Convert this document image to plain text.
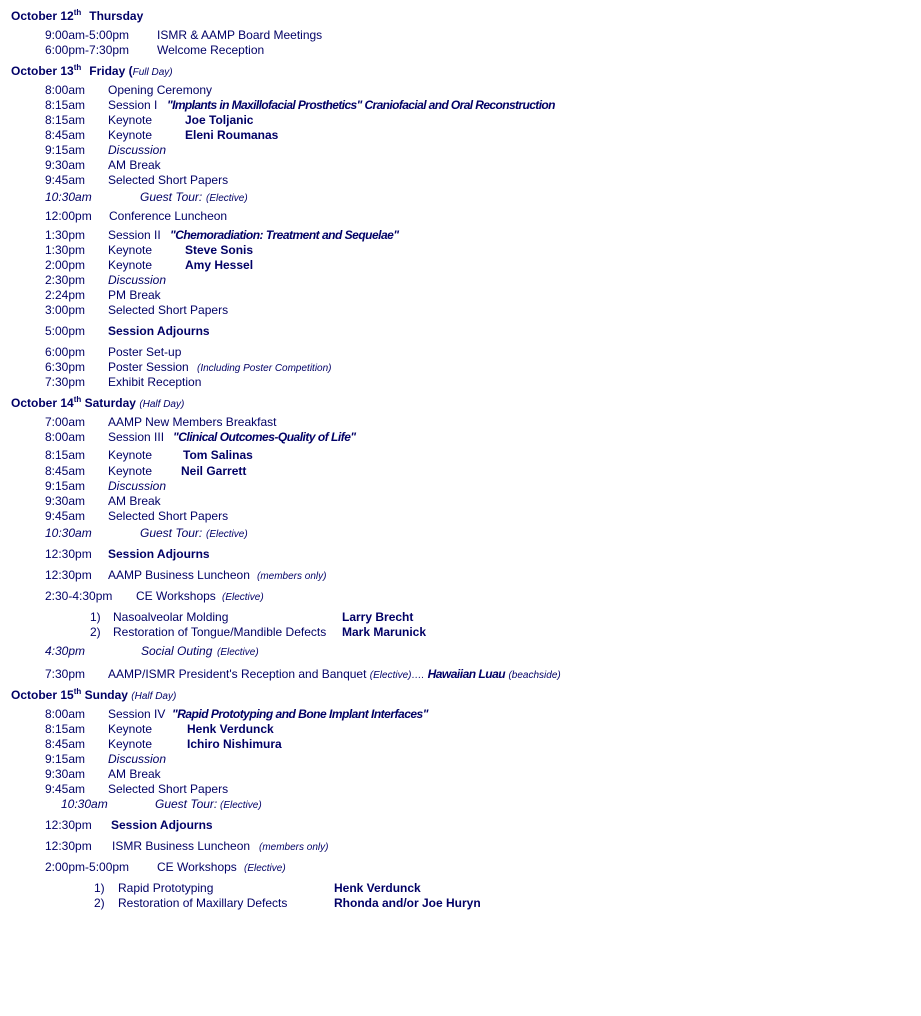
October 12th Thursday
9:00am-5:00pm ISMR & AAMP Board Meetings
6:00pm-7:30pm Welcome Reception
October 13th Friday (Full Day)
8:00am Opening Ceremony
8:15am Session I "Implants in Maxillofacial Prosthetics" Craniofacial and Oral Reconstruction
8:15am Keynote	Joe Toljanic
8:45am Keynote	Eleni Roumanas
9:15am Discussion
9:30am AM Break
9:45am Selected Short Papers
10:30am	Guest Tour: (Elective)
12:00pm Conference Luncheon
1:30pm Session II "Chemoradiation: Treatment and Sequelae"
1:30pm Keynote	Steve Sonis
2:00pm Keynote	Amy Hessel
2:30pm Discussion
2:24pm PM Break
3:00pm Selected Short Papers
5:00pm Session Adjourns
6:00pm Poster Set-up
6:30pm Poster Session (Including Poster Competition)
7:30pm Exhibit Reception
October 14th Saturday (Half Day)
7:00am AAMP New Members Breakfast
8:00am Session III "Clinical Outcomes-Quality of Life"
8:15am Keynote	Tom Salinas
8:45am Keynote Neil Garrett
9:15am Discussion
9:30am AM Break
9:45am Selected Short Papers
10:30am	Guest Tour: (Elective)
12:30pm Session Adjourns
12:30pm AAMP Business Luncheon (members only)
2:30-4:30pm CE Workshops (Elective)
1) Nasoalveolar Molding	Larry Brecht
2) Restoration of Tongue/Mandible Defects Mark Marunick
4:30pm	Social Outing (Elective)
7:30pm AAMP/ISMR President's Reception and Banquet (Elective)…. Hawaiian Luau (beachside)
October 15th Sunday (Half Day)
8:00am Session IV "Rapid Prototyping and Bone Implant Interfaces"
8:15am Keynote	Henk Verdunck
8:45am Keynote	Ichiro Nishimura
9:15am Discussion
9:30am AM Break
9:45am Selected Short Papers
10:30am	Guest Tour: (Elective)
12:30pm Session Adjourns
12:30pm ISMR Business Luncheon (members only)
2:00pm-5:00pm CE Workshops (Elective)
1) Rapid Prototyping	Henk Verdunck
2) Restoration of Maxillary Defects	Rhonda and/or Joe Huryn
